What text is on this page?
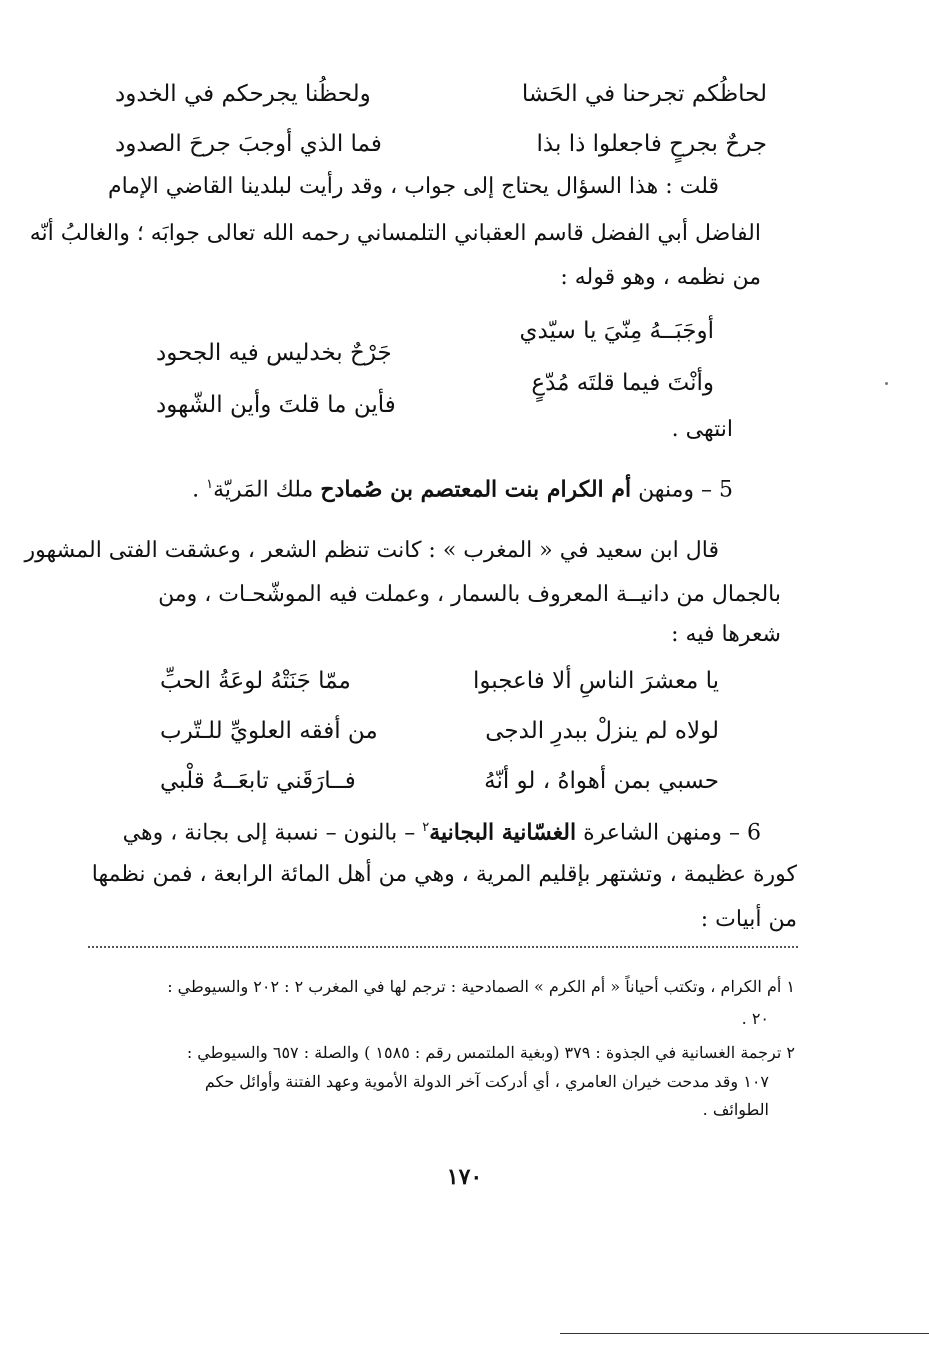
لحاظُكم تجرحنا في الحَشا
ولحظُنا يجرحكم في الخدود
جرحٌ بجرحٍ فاجعلوا ذا بذا
فما الذي أوجبَ جرحَ الصدود
قلت : هذا السؤال يحتاج إلى جواب ، وقد رأيت لبلدينا القاضي الإمام
الفاضل أبي الفضل قاسم العقباني التلمساني رحمه الله تعالى جوابَه ؛ والغالبُ أنّه
من نظمه ، وهو قوله :
أوجَبَــهُ مِنّيَ يا سيّدي
جَرْحٌ بخدليس فيه الجحود
وأنْتَ فيما قلتَه مُدّعٍ
فأين ما قلتَ وأين الشّهود
انتهى .
5 – ومنهن أم الكرام بنت المعتصم بن صُمادح ملك المَريّة$^١$ .
قال ابن سعيد في « المغرب » : كانت تنظم الشعر ، وعشقت الفتى المشهور
بالجمال من دانيــة المعروف بالسمار ، وعملت فيه الموشّحـات ، ومن
شعرها فيه :
يا معشرَ الناسِ ألا فاعجبوا
ممّا جَنَتْهُ لوعَةُ الحبِّ
لولاه لم ينزلْ ببدرِ الدجى
من أفقه العلويِّ للـتّرب
حسبي بمن أهواهُ ، لو أنّهُ
فــارَقَني تابعَــهُ قلْبي
6 – ومنهن الشاعرة الغسّانية البجانية$^٢$ – بالنون – نسبة إلى بجانة ، وهي
كورة عظيمة ، وتشتهر بإقليم المرية ، وهي من أهل المائة الرابعة ، فمن نظمها
من أبيات :
١ أم الكرام ، وتكتب أحياناً « أم الكرم » الصمادحية : ترجم لها في المغرب ٢ : ٢٠٢ والسيوطي :
٢٠ .
٢ ترجمة الغسانية في الجذوة : ٣٧٩ (وبغية الملتمس رقم : ١٥٨٥ ) والصلة : ٦٥٧ والسيوطي :
١٠٧ وقد مدحت خيران العامري ، أي أدركت آخر الدولة الأموية وعهد الفتنة وأوائل حكم
الطوائف .
١٧٠
